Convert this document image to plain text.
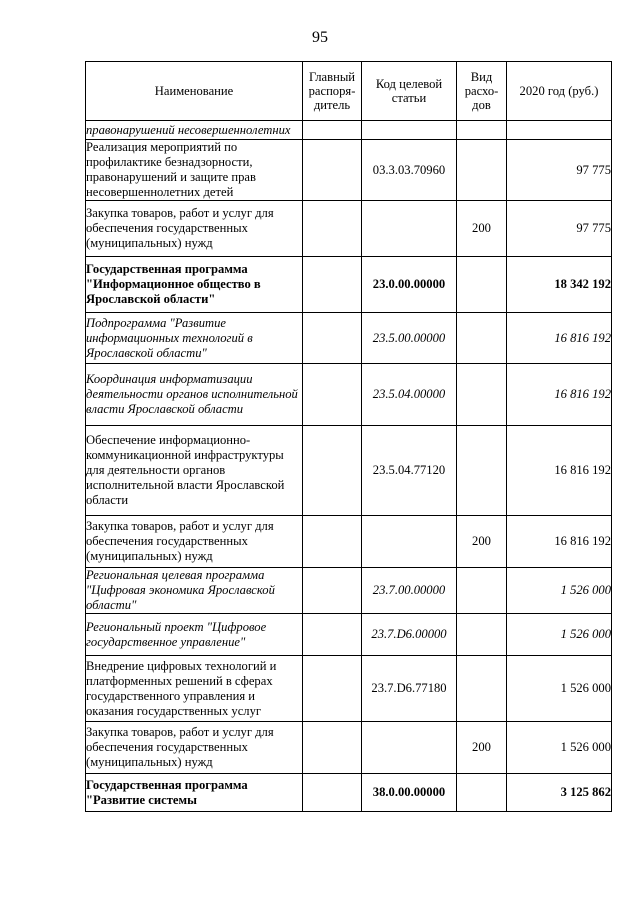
95
Наименование	Главный распоря-дитель	Код целевой статьи	Вид расхо-дов	2020 год (руб.)
правонарушений несовершеннолетних				
Реализация мероприятий по профилактике безнадзорности, правонарушений и защите прав несовершеннолетних детей		03.3.03.70960		97 775
Закупка товаров, работ и услуг для обеспечения государственных (муниципальных) нужд			200	97 775
Государственная программа "Информационное общество в Ярославской области"		23.0.00.00000		18 342 192
Подпрограмма "Развитие информационных технологий в Ярославской области"		23.5.00.00000		16 816 192
Координация информатизации деятельности органов исполнительной власти Ярославской области		23.5.04.00000		16 816 192
Обеспечение информационно-коммуникационной инфраструктуры для деятельности органов исполнительной власти Ярославской области		23.5.04.77120		16 816 192
Закупка товаров, работ и услуг для обеспечения государственных (муниципальных) нужд			200	16 816 192
Региональная целевая программа "Цифровая экономика Ярославской области"		23.7.00.00000		1 526 000
Региональный проект "Цифровое государственное управление"		23.7.D6.00000		1 526 000
Внедрение цифровых технологий и платформенных решений в сферах государственного управления и оказания государственных услуг		23.7.D6.77180		1 526 000
Закупка товаров, работ и услуг для обеспечения государственных (муниципальных) нужд			200	1 526 000
Государственная программа "Развитие системы		38.0.00.00000		3 125 862
